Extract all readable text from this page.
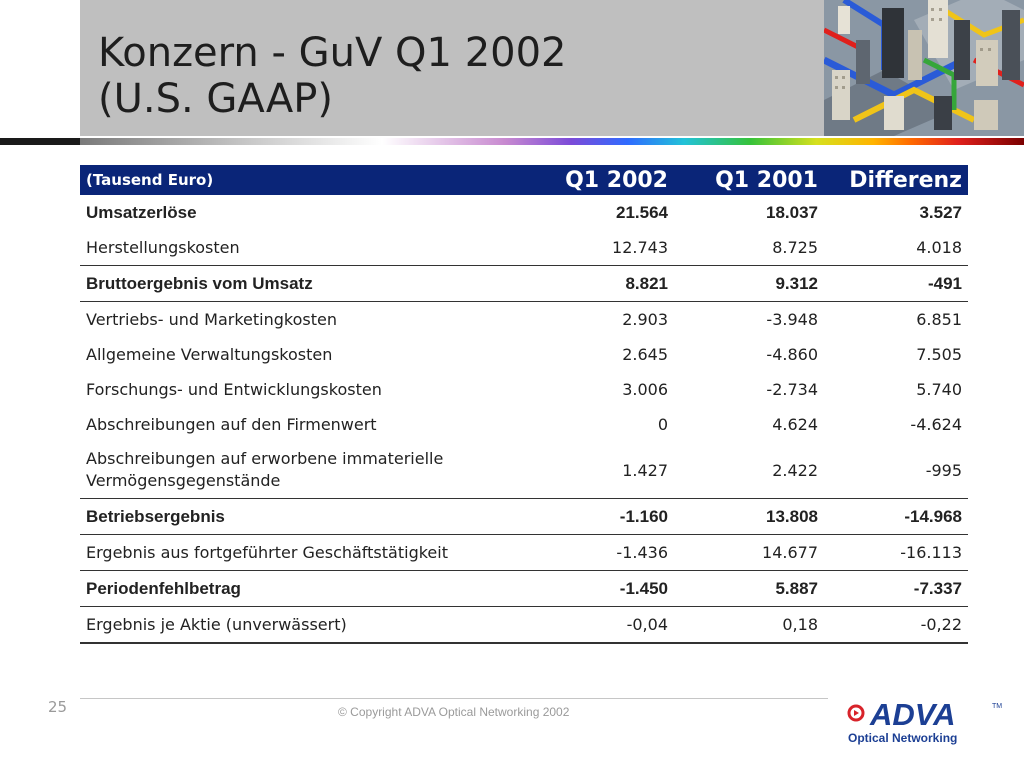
Konzern - GuV Q1 2002
(U.S. GAAP)
(Tausend Euro)	Q1 2002	Q1 2001	Differenz
Umsatzerlöse	21.564	18.037	3.527
Herstellungskosten	12.743	8.725	4.018
Bruttoergebnis vom Umsatz	8.821	9.312	-491
Vertriebs- und Marketingkosten	2.903	-3.948	6.851
Allgemeine Verwaltungskosten	2.645	-4.860	7.505
Forschungs- und Entwicklungskosten	3.006	-2.734	5.740
Abschreibungen auf den Firmenwert	0	4.624	-4.624
Abschreibungen auf erworbene immaterielle Vermögensgegenstände	1.427	2.422	-995
Betriebsergebnis	-1.160	13.808	-14.968
Ergebnis aus fortgeführter Geschäftstätigkeit	-1.436	14.677	-16.113
Periodenfehlbetrag	-1.450	5.887	-7.337
Ergebnis je Aktie (unverwässert)	-0,04	0,18	-0,22
25	© Copyright ADVA Optical Networking 2002	ADVA	TM
Optical Networking
